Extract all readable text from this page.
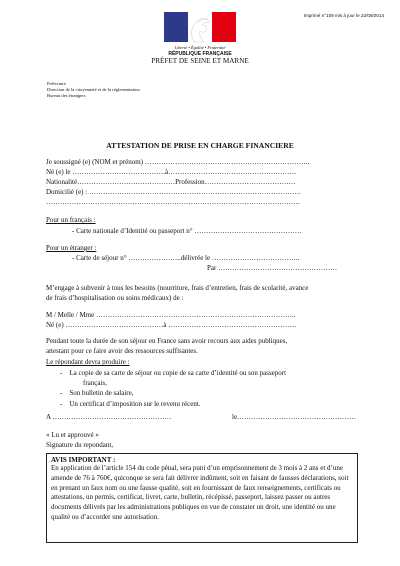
Imprimé n°109 mis à jour le 22/09/2014
Liberté • Égalité • Fraternité
RÉPUBLIQUE FRANÇAISE
PRÉFET DE SEINE ET MARNE
Préfecture
Direction de la citoyenneté et de la réglementation
Bureau des étrangers
ATTESTATION DE PRISE EN CHARGE FINANCIERE
Je soussigné (e) (NOM et prénom) ……………………………………………………………..
Né (e) le ………………………………….à……………………………………………….
Nationalité……………………………………Profession…………………………………
Domicilié (e) : ……………………………………………………………………………….
……………………………………………………………………………………………….
Pour un français :
- Carte nationale d’Identité ou passeport n° ……………………………………….
Pour un étranger :
- Carte de séjour n° …………………..délivrée le ………………………………..
Par ……………………………………………
M’engage à subvenir à tous les besoins (nourriture, frais d’entretien, frais de scolarité, avance
de frais d’hospitalisation ou soins médicaux) de :
M / Melle / Mme …………………………………………………………………………..
Né (e) ……………………………………à ……………………………………………….
Pendant toute la durée de son séjour en France sans avoir recours aux aides publiques,
attestant pour ce faire avoir des ressources suffisantes.
Le répondant devra produire :
-    La copie de sa carte de séjour ou copie de sa carte d’identité ou son passeport
français,
-    Son bulletin de salaire,
-    Un certificat d’imposition sur le revenu récent.
A ……………………………………………	le……………………………………………
« Lu et approuvé »
Signature du repondant,
AVIS IMPORTANT :
En application de l’article 154 du code pénal, sera puni d’un emprisonnement de 3 mois à 2 ans et d’une amende de 76 à 760€, quiconque se sera fait délivrer indûment, soit en faisant de fausses déclarations, soit en prenant un faux nom ou une fausse qualité, soit en fournissant de faux renseignements, certificats ou attestations, un permis, certificat, livret, carte, bulletin, récépissé, passeport, laissez passer ou autres documents délivrés par les administrations publiques en vue de constater un droit, une identité ou une qualité ou d’accorder une autorisation.
